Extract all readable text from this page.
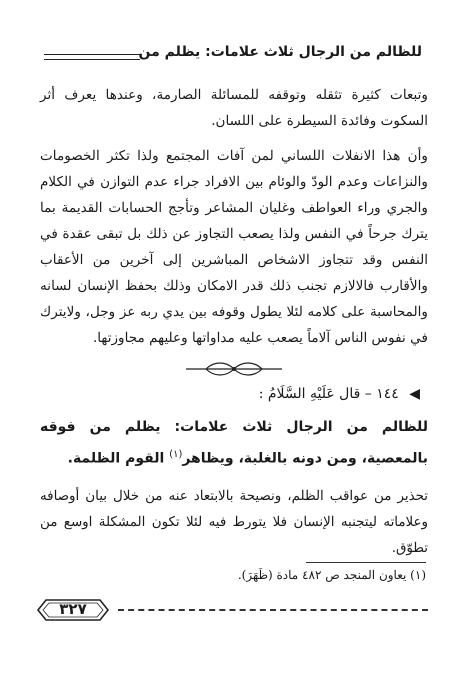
للظالم من الرجال ثلاث علامات: يظلم من

وتبعات كثيرة تثقله وتوقفه للمسائلة الصارمة، وعندها يعرف أثر السكوت وفائدة السيطرة على اللسان.

وأن هذا الانفلات اللساني لمن آفات المجتمع ولذا تكثر الخصومات والنزاعات وعدم الودّ والوئام بين الافراد جراء عدم التوازن في الكلام والجري وراء العواطف وغليان المشاعر وتأجج الحسابات القديمة بما يترك جرحاً في النفس ولذا يصعب التجاوز عن ذلك بل تبقى عقدة في النفس وقد تتجاوز الاشخاص المباشرين إلى آخرين من الأعقاب والأقارب فالالازم تجنب ذلك قدر الامكان وذلك بحفظ الإنسان لسانه والمحاسبة على كلامه لئلا يطول وقوفه بين يدي ربه عز وجل، ولايترك في نفوس الناس آلاماً يصعب عليه مداواتها وعليهم مجاوزتها.

◀ ١٤٤ – قال عَلَيْهِ السَّلَامُ :

للظالم من الرجال ثلاث علامات: يظلم من فوقه بالمعصية، ومن دونه بالغلبة، ويظاهر$^{(١)}$ القوم الظلمة.

تحذير من عواقب الظلم، ونصيحة بالابتعاد عنه من خلال بيان أوصافه وعلاماته ليتجنبه الإنسان فلا يتورط فيه لئلا تكون المشكلة اوسع من تطوّق.

(١) يعاون المنجد ص ٤٨٢ مادة (ظَهَرَ).
٣٢٧
